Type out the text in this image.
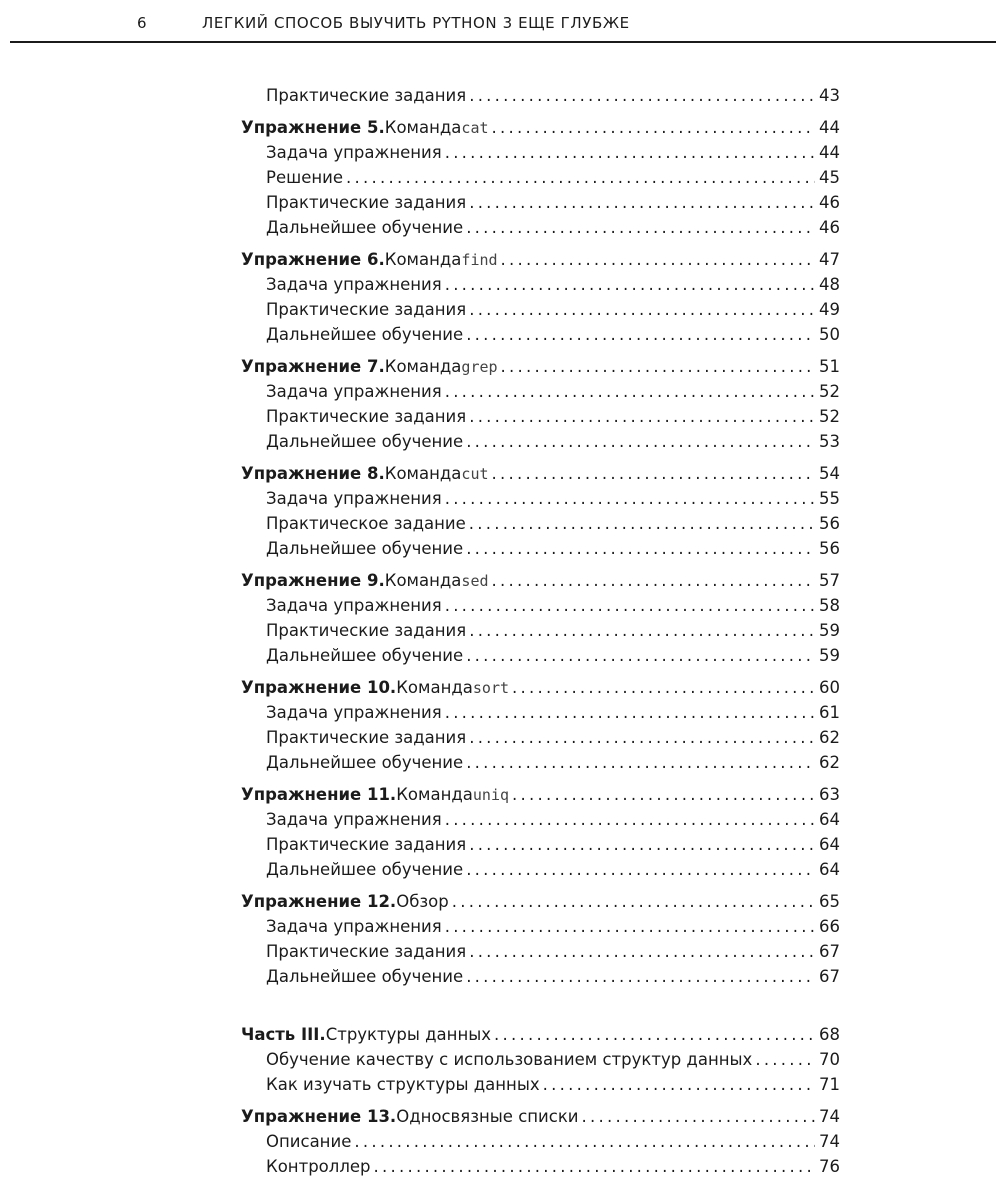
6	ЛЕГКИЙ СПОСОБ ВЫУЧИТЬ PYTHON 3 ЕЩЕ ГЛУБЖЕ
Практические задания . . .	43
Упражнение 5. Команда cat . . .	44
Задача упражнения . . .	44
Решение . . .	45
Практические задания . . .	46
Дальнейшее обучение . . .	46
Упражнение 6. Команда find . . .	47
Задача упражнения . . .	48
Практические задания . . .	49
Дальнейшее обучение . . .	50
Упражнение 7. Команда grep . . .	51
Задача упражнения . . .	52
Практические задания . . .	52
Дальнейшее обучение . . .	53
Упражнение 8. Команда cut . . .	54
Задача упражнения . . .	55
Практическое задание . . .	56
Дальнейшее обучение . . .	56
Упражнение 9. Команда sed . . .	57
Задача упражнения . . .	58
Практические задания . . .	59
Дальнейшее обучение . . .	59
Упражнение 10. Команда sort . . .	60
Задача упражнения . . .	61
Практические задания . . .	62
Дальнейшее обучение . . .	62
Упражнение 11. Команда uniq . . .	63
Задача упражнения . . .	64
Практические задания . . .	64
Дальнейшее обучение . . .	64
Упражнение 12. Обзор . . .	65
Задача упражнения . . .	66
Практические задания . . .	67
Дальнейшее обучение . . .	67
Часть III. Структуры данных . . .	68
Обучение качеству с использованием структур данных . . .	70
Как изучать структуры данных . . .	71
Упражнение 13. Односвязные списки . . .	74
Описание . . .	74
Контроллер . . .	76
